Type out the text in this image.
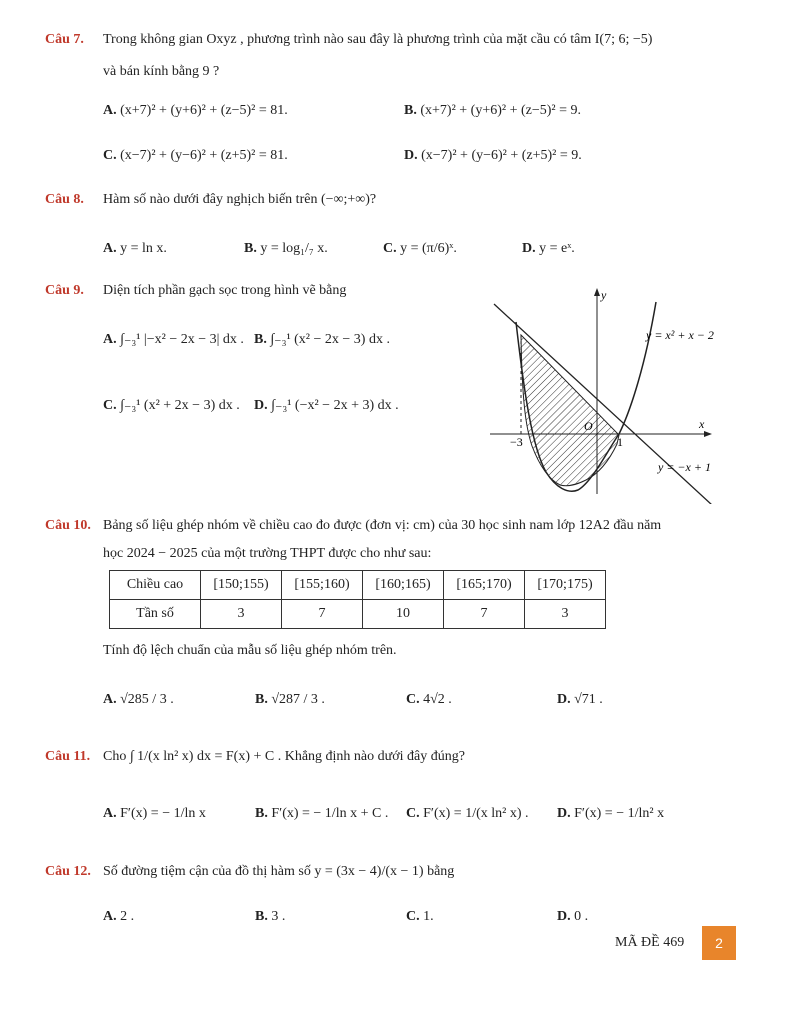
Câu 7. Trong không gian Oxyz , phương trình nào sau đây là phương trình của mặt cầu có tâm I(7; 6; −5)
và bán kính bằng 9 ?
A. (x+7)² + (y+6)² + (z−5)² = 81.	B. (x+7)² + (y+6)² + (z−5)² = 9.
C. (x−7)² + (y−6)² + (z+5)² = 81.	D. (x−7)² + (y−6)² + (z+5)² = 9.
Câu 8. Hàm số nào dưới đây nghịch biến trên (−∞;+∞)?
A. y = ln x.	B. y = log₁/₇ x.	C. y = (π/6)ˣ.	D. y = eˣ.
Câu 9. Diện tích phần gạch sọc trong hình vẽ bằng
A. ∫₋₃¹ |−x² − 2x − 3| dx . B. ∫₋₃¹ (x² − 2x − 3) dx .
C. ∫₋₃¹ (x² + 2x − 3) dx . D. ∫₋₃¹ (−x² − 2x + 3) dx .
y
x
O
−3	1
y = x² + x − 2
y = −x + 1
Câu 10. Bảng số liệu ghép nhóm về chiều cao đo được (đơn vị: cm) của 30 học sinh nam lớp 12A2 đầu năm
học 2024 − 2025 của một trường THPT được cho như sau:
Chiều cao	[150;155)	[155;160)	[160;165)	[165;170)	[170;175)
Tần số	3	7	10	7	3
Tính độ lệch chuẩn của mẫu số liệu ghép nhóm trên.
A. √285 / 3 .	B. √287 / 3 .	C. 4√2 .	D. √71 .
Câu 11. Cho ∫ 1/(x ln² x) dx = F(x) + C . Khẳng định nào dưới đây đúng?
A. F′(x) = − 1/ln x	B. F′(x) = − 1/ln x + C . C. F′(x) = 1/(x ln² x) . D. F′(x) = − 1/ln² x
Câu 12. Số đường tiệm cận của đồ thị hàm số y = (3x − 4)/(x − 1) bằng
A. 2 .	B. 3 .	C. 1.	D. 0 .
MÃ ĐỀ 469	2
